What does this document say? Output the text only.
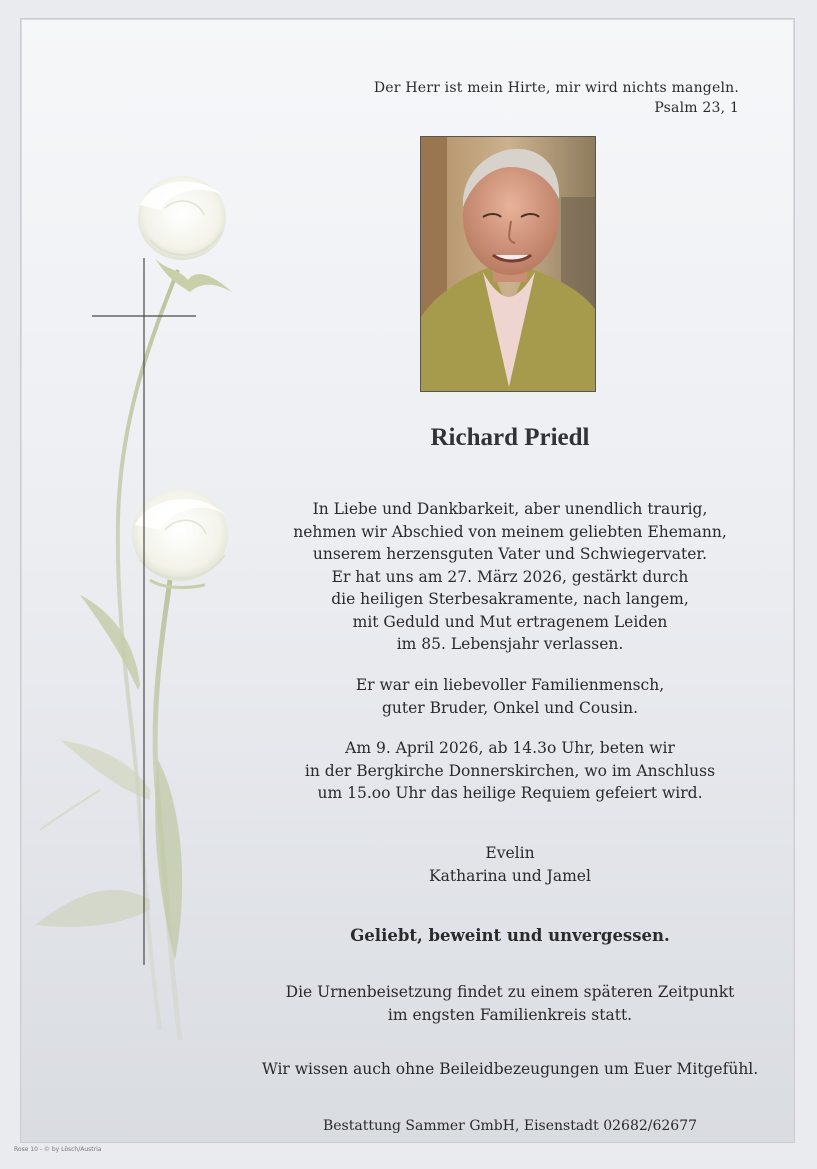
Der Herr ist mein Hirte, mir wird nichts mangeln.
Psalm 23, 1
Richard Priedl
In Liebe und Dankbarkeit, aber unendlich traurig,
nehmen wir Abschied von meinem geliebten Ehemann,
unserem herzensguten Vater und Schwiegervater.
Er hat uns am 27. März 2026, gestärkt durch
die heiligen Sterbesakramente, nach langem,
mit Geduld und Mut ertragenem Leiden
im 85. Lebensjahr verlassen.
Er war ein liebevoller Familienmensch,
guter Bruder, Onkel und Cousin.
Am 9. April 2026, ab 14.3o Uhr, beten wir
in der Bergkirche Donnerskirchen, wo im Anschluss
um 15.oo Uhr das heilige Requiem gefeiert wird.
Evelin
Katharina und Jamel
Geliebt, beweint und unvergessen.
Die Urnenbeisetzung findet zu einem späteren Zeitpunkt
im engsten Familienkreis statt.
Wir wissen auch ohne Beileidbezeugungen um Euer Mitgefühl.
Bestattung Sammer GmbH, Eisenstadt 02682/62677
Rose 10 - © by Lösch/Austria
